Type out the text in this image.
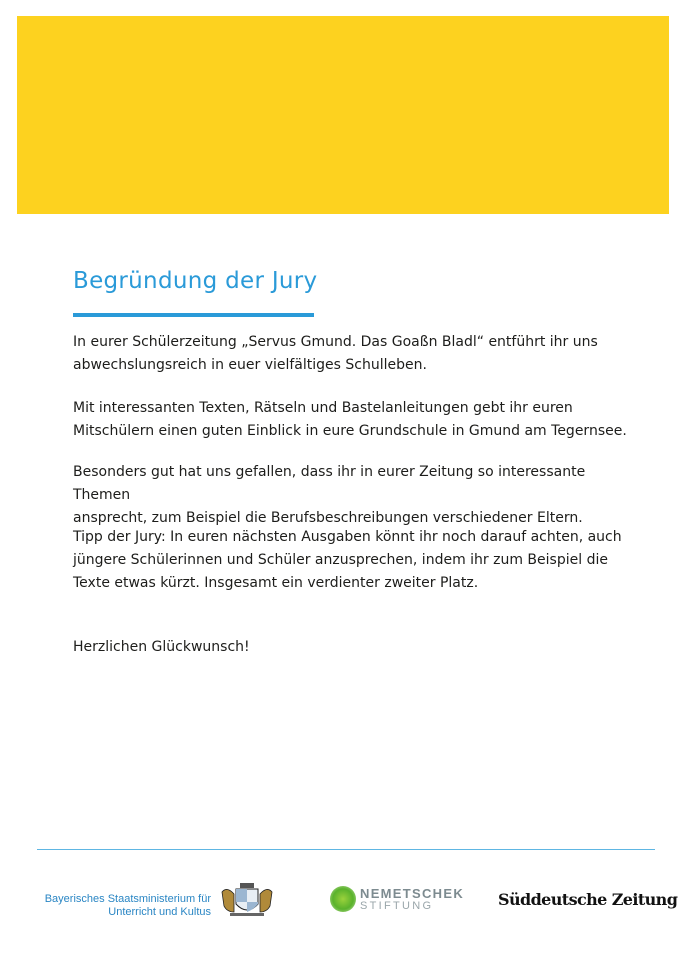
Begründung der Jury

In eurer Schülerzeitung „Servus Gmund. Das Goaßn Bladl“ entführt ihr uns
abwechslungsreich in euer vielfältiges Schulleben.

Mit interessanten Texten, Rätseln und Bastelanleitungen gebt ihr euren
Mitschülern einen guten Einblick in eure Grundschule in Gmund am Tegernsee.

Besonders gut hat uns gefallen, dass ihr in eurer Zeitung so interessante Themen
ansprecht, zum Beispiel die Berufsbeschreibungen verschiedener Eltern.

Tipp der Jury: In euren nächsten Ausgaben könnt ihr noch darauf achten, auch
jüngere Schülerinnen und Schüler anzusprechen, indem ihr zum Beispiel die
Texte etwas kürzt. Insgesamt ein verdienter zweiter Platz.

Herzlichen Glückwunsch!

Bayerisches Staatsministerium für
Unterricht und Kultus
NEMETSCHEK
STIFTUNG	Süddeutsche Zeitung
